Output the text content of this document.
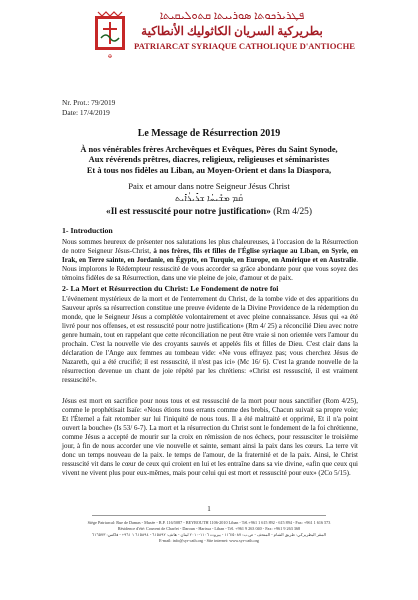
✠
ܦܛܪܝܪܟܘܬܐ ܣܘܪܝܝܬܐ ܩܬܘܠܝܩܝܬܐ
بطريركية السريان الكاثوليك الأنطاكية
PATRIARCAT SYRIAQUE CATHOLIQUE D'ANTIOCHE
Nr. Prot.: 79/2019
Date: 17/4/2019
Le Message de Résurrection 2019
À nos vénérables frères Archevêques et Evêques, Pères du Saint Synode,
Aux révérends prêtres, diacres, religieux, religieuses et séminaristes
Et à tous nos fidèles au Liban, au Moyen-Orient et dans la Diaspora,
Paix et amour dans notre Seigneur Jésus Christ
ܩܳܡ ܡܫܺܝܚܳܐ ܫܪܺܝܪܳܐܺܝܬ
«Il est ressuscité pour notre justification» (Rm 4/25)
1- Introduction
Nous sommes heureux de présenter nos salutations les plus chaleureuses, à l'occasion de la Résurrection de notre Seigneur Jésus-Christ, à nos frères, fils et filles de l'Église syriaque au Liban, en Syrie, en Irak, en Terre sainte, en Jordanie, en Égypte, en Turquie, en Europe, en Amérique et en Australie. Nous implorons le Rédempteur ressuscité de vous accorder sa grâce abondante pour que vous soyez des témoins fidèles de sa Résurrection, dans une vie pleine de joie, d'amour et de paix.
2- La Mort et Résurrection du Christ: Le Fondement de notre foi
L'événement mystérieux de la mort et de l'enterrement du Christ, de la tombe vide et des apparitions du Sauveur après sa résurrection constitue une preuve évidente de la Divine Providence de la rédemption du monde, que le Seigneur Jésus a complétée volontairement et avec pleine connaissance. Jésus qui «a été livré pour nos offenses, et est ressuscité pour notre justification» (Rm 4/ 25) a réconcilié Dieu avec notre genre humain, tout en rappelant que cette réconciliation ne peut être vraie si non orientée vers l'amour du prochain. C'est la nouvelle vie des croyants sauvés et appelés fils et filles de Dieu. C'est clair dans la déclaration de l'Ange aux femmes au tombeau vide: «Ne vous effrayez pas; vous cherchez Jésus de Nazareth, qui a été crucifié; il est ressuscité, il n'est pas ici» (Mc 16/ 6). C'est la grande nouvelle de la résurrection devenue un chant de joie répété par les chrétiens: «Christ est ressuscité, il est vraiment ressuscité!».
Jésus est mort en sacrifice pour nous tous et est ressuscité de la mort pour nous sanctifier (Rom 4/25), comme le prophétisait Isaïe: «Nous étions tous errants comme des brebis, Chacun suivait sa propre voie; Et l'Éternel a fait retomber sur lui l'iniquité de nous tous. Il a été maltraité et opprimé, Et il n'a point ouvert la bouche» (Is 53/ 6-7). La mort et la résurrection du Christ sont le fondement de la foi chrétienne, comme Jésus a accepté de mourir sur la croix en rémission de nos échecs, pour ressusciter le troisième jour, à fin de nous accorder une vie nouvelle et sainte, semant ainsi la paix dans les cœurs. La terre vit donc un temps nouveau de la paix. le temps de l'amour, de la fraternité et de la paix. Ainsi, le Christ ressuscité vit dans le cœur de ceux qui croient en lui et les entraîne dans sa vie divine, «afin que ceux qui vivent ne vivent plus pour eux-mêmes, mais pour celui qui est mort et ressuscité pour eux» (2Co 5/15).
1
Siège Patriarcal: Rue de Damas - Musée - B.P. 116/5087 - BEYROUTH 1106-2010 Liban - Tél.+961 1 615 892 - 615 894 - Fax: +961 1 616 573
Résidence d'été: Couvent de Charfet - Daroun - Harissa - Liban - Tél. +961 9 263 040 - Fax: +961 9 263 368
المقر البطريركي: طريق الشام - المتحف - ص.ب: ١١٦/٥٠٨٧ - بيروت ١١٠٦-٢٠١٠ لبنان - هاتف: ٦١٥٨٩٢ - ٦١٥٨٩٤ ١ ٩٦١+ - فاكس: ٦١٦٥٧٣
E-mail: info@syr-cath.org - Site internet: www.syr-cath.org
